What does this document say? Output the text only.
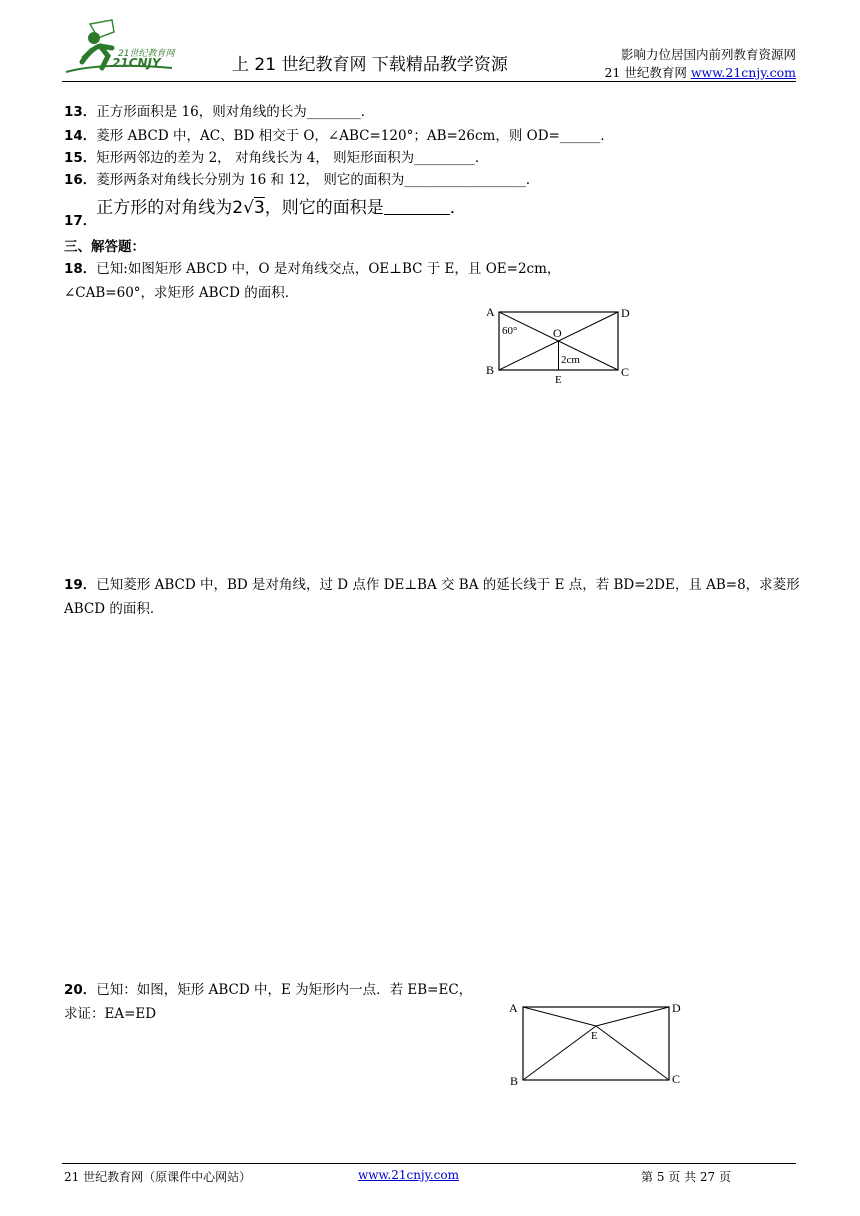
21世纪教育网
21CNJY	上 21 世纪教育网 下载精品教学资源
影响力位居国内前列教育资源网
21 世纪教育网 www.21cnjy.com
13．正方形面积是 16，则对角线的长为________．
14．菱形 ABCD 中，AC、BD 相交于 O，∠ABC=120°；AB=26cm，则 OD=______．
15．矩形两邻边的差为 2， 对角线长为 4， 则矩形面积为_________．
16．菱形两条对角线长分别为 16 和 12， 则它的面积为__________________．
17．正方形的对角线为2√3，则它的面积是	．
三、解答题：
18．已知:如图矩形 ABCD 中，O 是对角线交点，OE⊥BC 于 E，且 OE=2cm，
∠CAB=60°，求矩形 ABCD 的面积．
A	D
B	C
O
E
60°
2cm
19．已知菱形 ABCD 中，BD 是对角线，过 D 点作 DE⊥BA 交 BA 的延长线于 E 点，若 BD=2DE，且 AB=8，求菱形
ABCD 的面积．
20．已知：如图，矩形 ABCD 中，E 为矩形内一点．若 EB=EC，
求证：EA=ED	A	D
B	C
E
21 世纪教育网（原课件中心网站）	www.21cnjy.com	第 5 页 共 27 页
